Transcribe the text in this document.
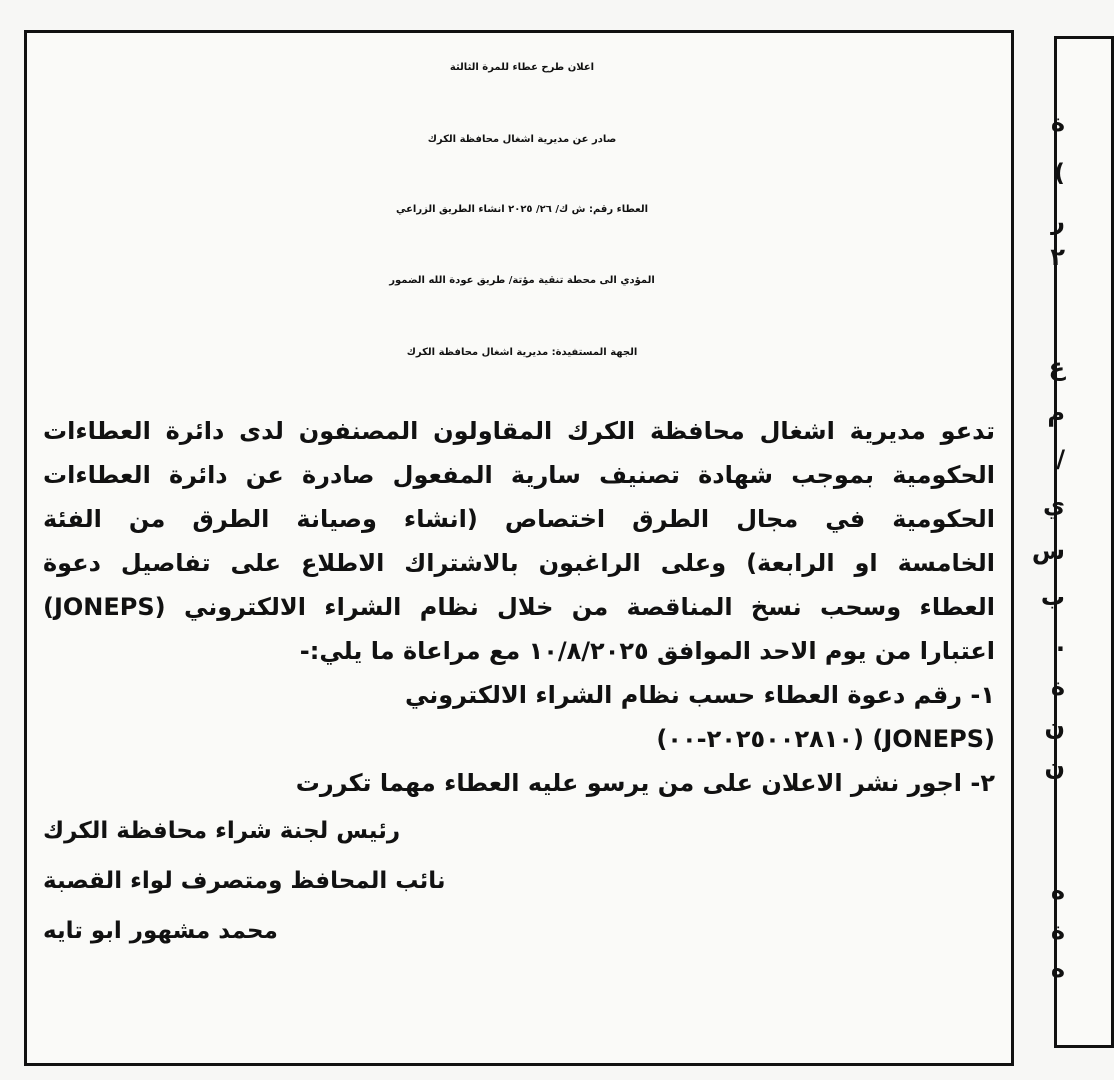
اعلان طرح عطاء للمرة الثالثة
صادر عن مديرية اشغال محافظة الكرك
العطاء رقم: ش ك/ ٢٦/ ٢٠٢٥ انشاء الطريق الزراعي
المؤدي الى محطة تنقية مؤتة/ طريق عودة الله الضمور
الجهة المستفيدة: مديرية اشغال محافظة الكرك
تدعو مديرية اشغال محافظة الكرك المقاولون المصنفون لدى دائرة العطاءات
الحكومية بموجب شهادة تصنيف سارية المفعول صادرة عن دائرة العطاءات
الحكومية في مجال الطرق اختصاص (انشاء وصيانة الطرق من الفئة
الخامسة او الرابعة) وعلى الراغبون بالاشتراك الاطلاع على تفاصيل دعوة
العطاء وسحب نسخ المناقصة من خلال نظام الشراء الالكتروني (JONEPS)
اعتبارا من يوم الاحد الموافق ١٠/٨/٢٠٢٥ مع مراعاة ما يلي:-
١- رقم دعوة العطاء حسب نظام الشراء الالكتروني
(JONEPS) (٢٠٢٥٠٠٢٨١٠-٠٠)
٢- اجور نشر الاعلان على من يرسو عليه العطاء مهما تكررت
رئيس لجنة شراء محافظة الكرك
نائب المحافظ ومتصرف لواء القصبة
محمد مشهور ابو تايه
ة
)
ر
٢
ع
م
/
ي
س
ب
.
ة
ن
ن
ه
ة
ه
